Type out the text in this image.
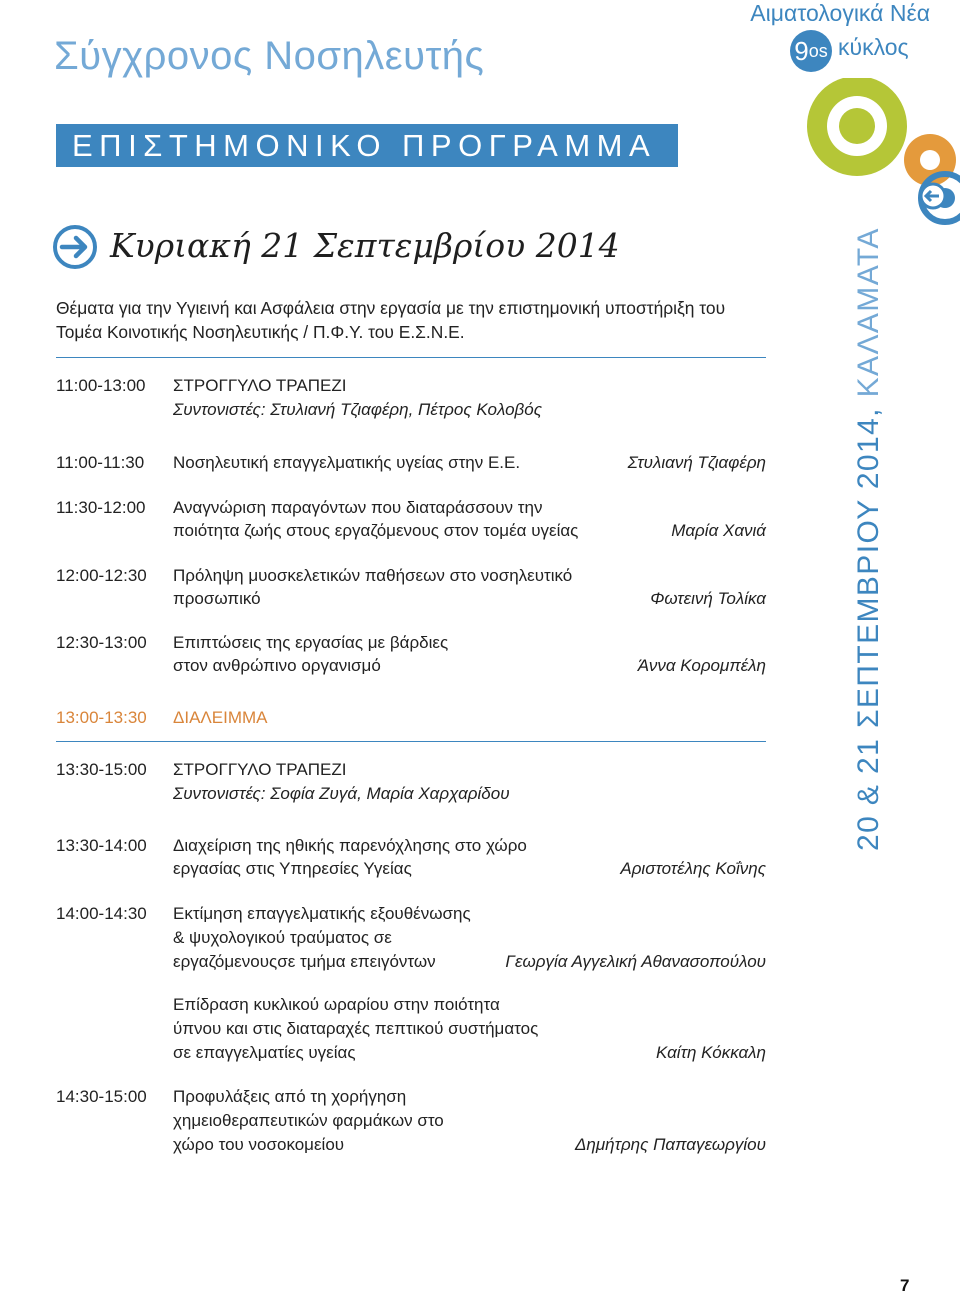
Σύγχρονος Νοσηλευτής
Αιματολογικά Νέα
9 os κύκλος
ΕΠΙΣΤΗΜΟΝΙΚΟ ΠΡΟΓΡΑΜΜΑ
Κυριακή 21 Σεπτεμβρίου 2014
Θέματα για την Υγιεινή και Ασφάλεια στην εργασία με την επιστημονική υποστήριξη του Τομέα Κοινοτικής Νοσηλευτικής / Π.Φ.Υ. του Ε.Σ.Ν.Ε.
11:00-13:00 ΣΤΡΟΓΓΥΛΟ ΤΡΑΠΕΖΙ
Συντονιστές: Στυλιανή Τζιαφέρη, Πέτρος Κολοβός
11:00-11:30 Νοσηλευτική επαγγελματικής υγείας στην Ε.Ε.	Στυλιανή Τζιαφέρη
11:30-12:00 Αναγνώριση παραγόντων που διαταράσσουν την
ποιότητα ζωής στους εργαζόμενους στον τομέα υγείας	Μαρία Χανιά
12:00-12:30 Πρόληψη μυοσκελετικών παθήσεων στο νοσηλευτικό
προσωπικό	Φωτεινή Τολίκα
12:30-13:00 Επιπτώσεις της εργασίας με βάρδιες
στον ανθρώπινο οργανισμό	Άννα Κορομπέλη
13:00-13:30 ΔΙΑΛΕΙΜΜΑ
13:30-15:00 ΣΤΡΟΓΓΥΛΟ ΤΡΑΠΕΖΙ
Συντονιστές: Σοφία Ζυγά, Μαρία Χαρχαρίδου
13:30-14:00 Διαχείριση της ηθικής παρενόχλησης στο χώρο
εργασίας στις Υπηρεσίες Υγείας	Αριστοτέλης Κοΐνης
14:00-14:30 Εκτίμηση επαγγελματικής εξουθένωσης
& ψυχολογικού τραύματος σε
εργαζόμενουςσε τμήμα επειγόντων	Γεωργία Αγγελική Αθανασοπούλου
Επίδραση κυκλικού ωραρίου στην ποιότητα
ύπνου και στις διαταραχές πεπτικού συστήματος
σε επαγγελματίες υγείας	Καίτη Κόκκαλη
14:30-15:00 Προφυλάξεις από τη χορήγηση
χημειοθεραπευτικών φαρμάκων στο
χώρο του νοσοκομείου	Δημήτρης Παπαγεωργίου
20 & 21 ΣΕΠΤΕΜΒΡΙΟΥ 2014, ΚΑΛΑΜΑΤΑ
7
